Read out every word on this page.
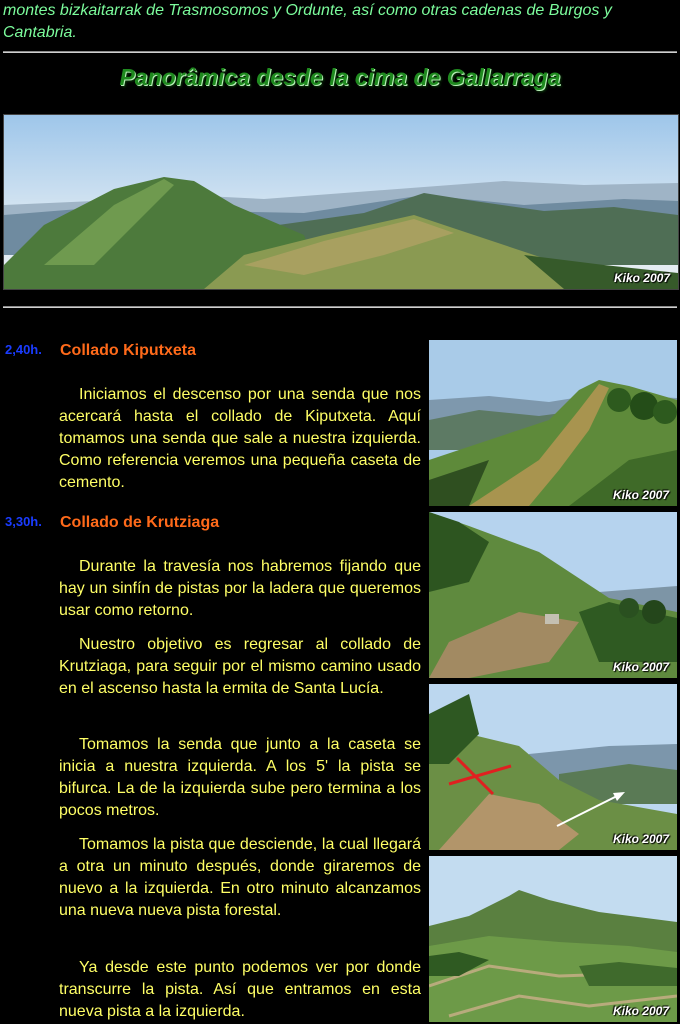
montes bizkaitarrak de Trasmosomos y Ordunte, así como otras cadenas de Burgos y Cantabria.
Panorâmica desde la cima de Gallarraga
Kiko 2007
2,40h. Collado Kiputxeta

Iniciamos el descenso por una senda que nos acercará hasta el collado de Kiputxeta. Aquí tomamos una senda que sale a nuestra izquierda. Como referencia veremos una pequeña caseta de cemento.

3,30h. Collado de Krutziaga

Durante la travesía nos habremos fijando que hay un sinfín de pistas por la ladera que queremos usar como retorno.

Nuestro objetivo es regresar al collado de Krutziaga, para seguir por el mismo camino usado en el ascenso hasta la ermita de Santa Lucía.

Tomamos la senda que junto a la caseta se inicia a nuestra izquierda. A los 5' la pista se bifurca. La de la izquierda sube pero termina a los pocos metros.

Tomamos la pista que desciende, la cual llegará a otra un minuto después, donde giraremos de nuevo a la izquierda. En otro minuto alcanzamos una nueva nueva pista forestal.

Ya desde este punto podemos ver por donde transcurre la pista. Así que entramos en esta nueva pista a la izquierda.

Kiko 2007
Kiko 2007
Kiko 2007
Kiko 2007
